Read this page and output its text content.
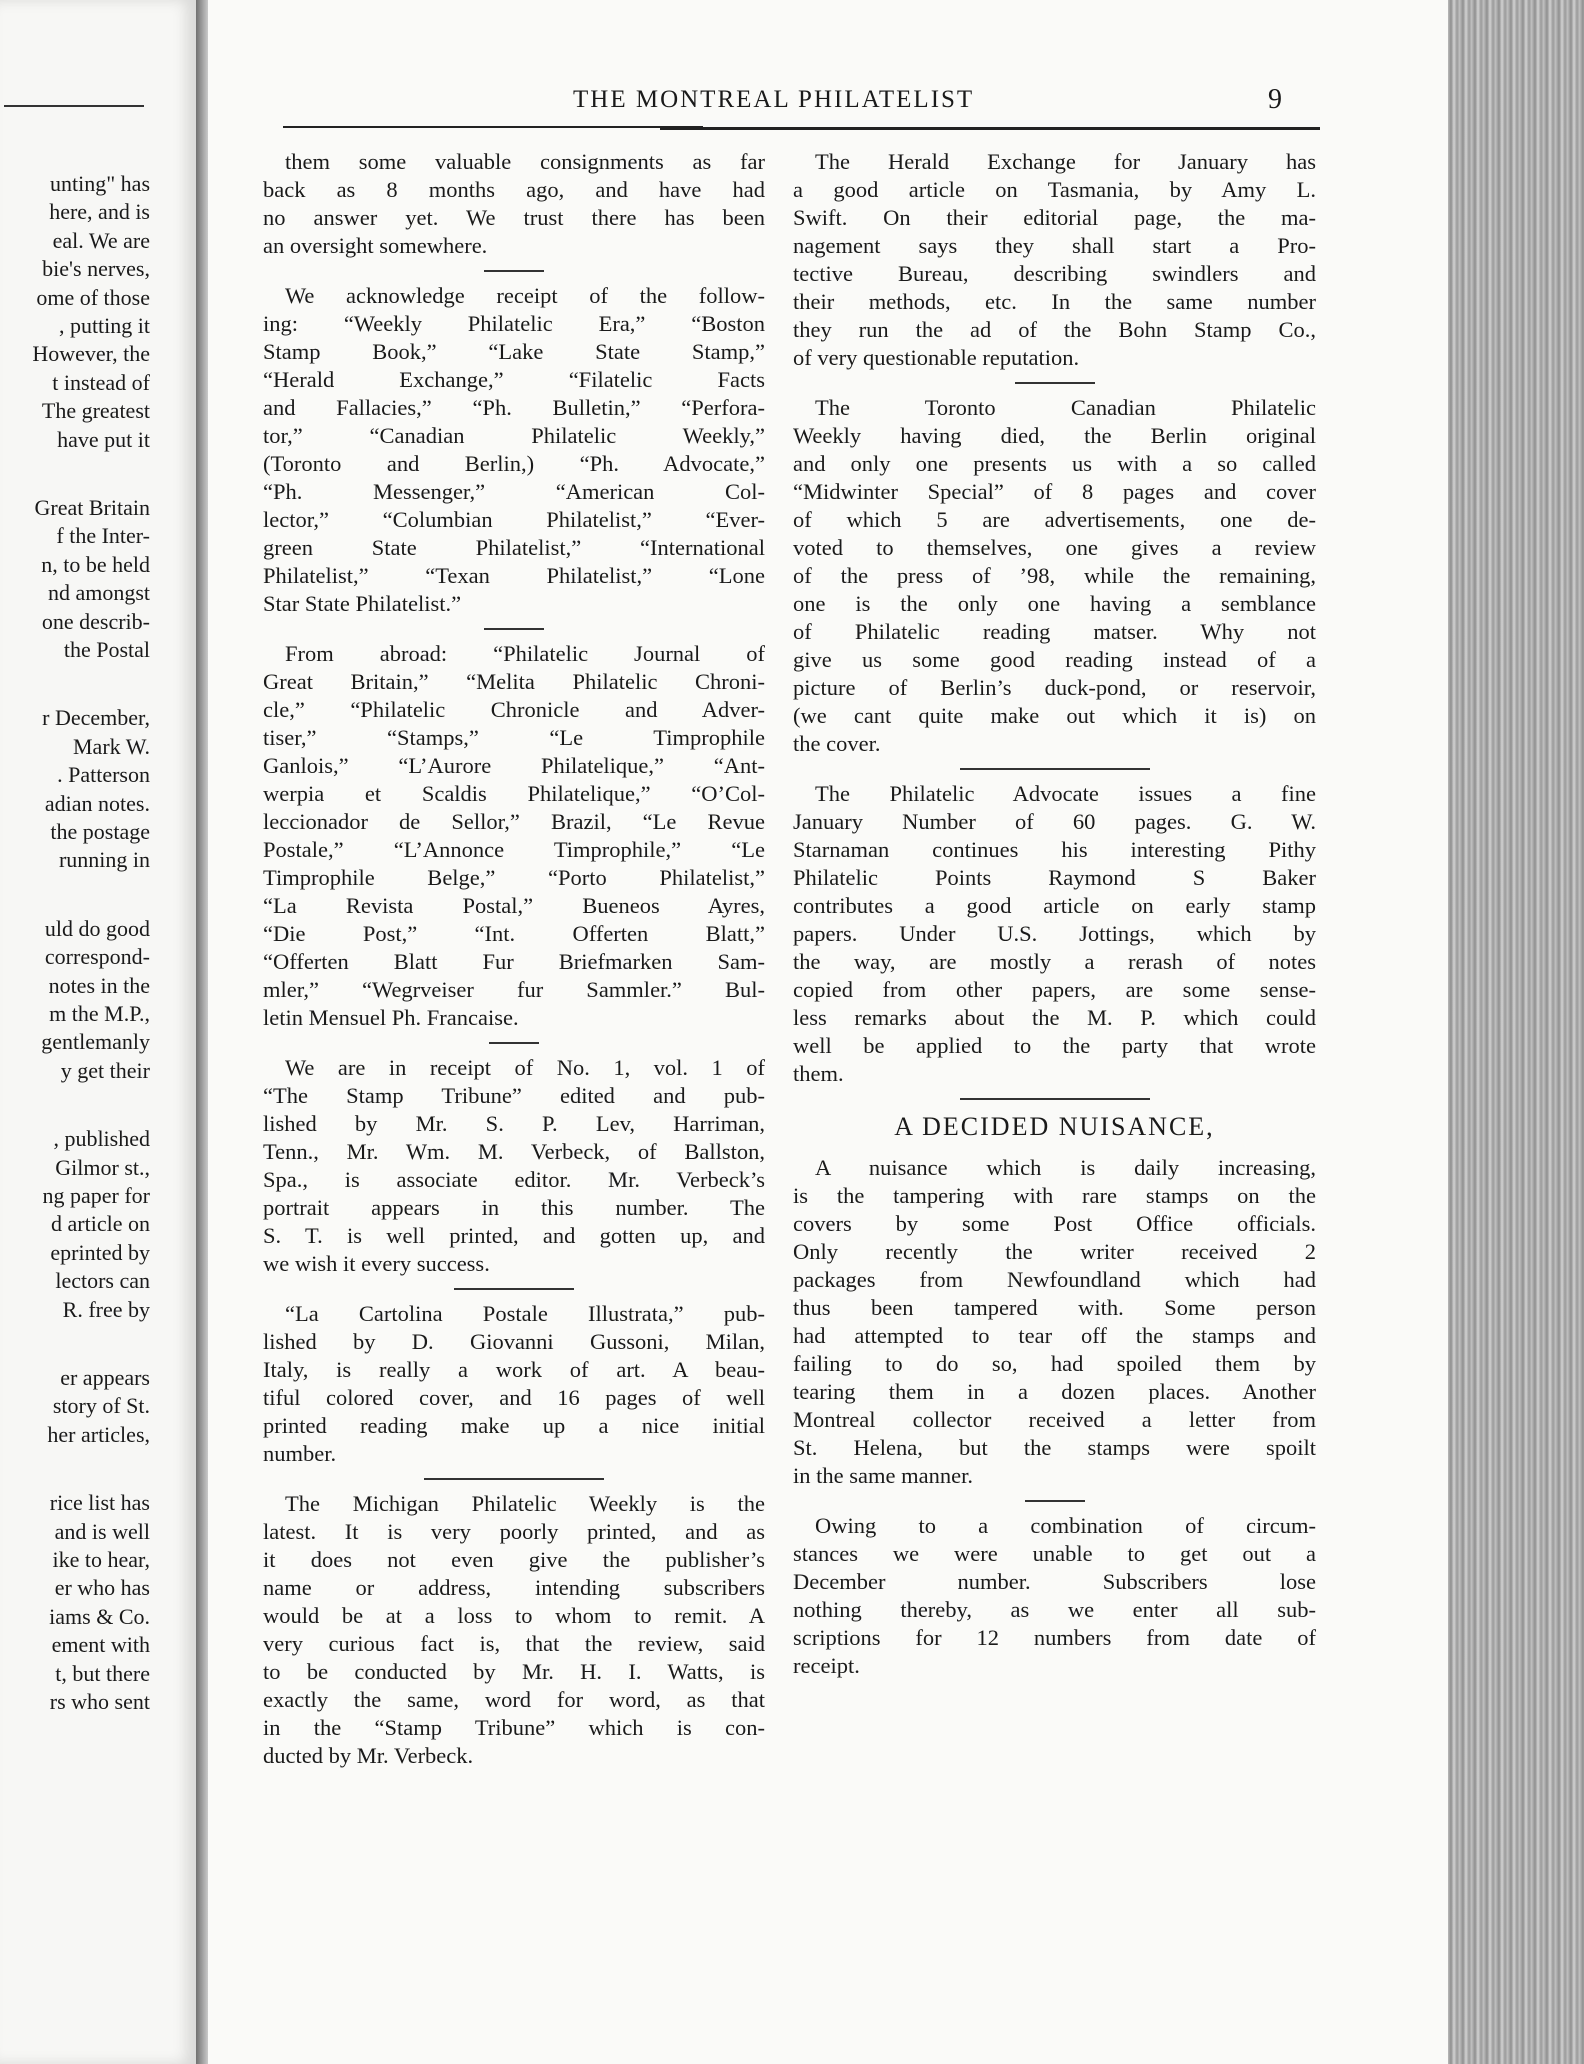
unting" has
here, and is
eal. We are
bie's nerves,
ome of those
, putting it
However, the
t instead of
The greatest
have put it
Great Britain
f the Inter-
n, to be held
nd amongst
one describ-
the Postal
r December,
Mark W.
. Patterson
adian notes.
the postage
running in
uld do good
correspond-
notes in the
m the M.P.,
gentlemanly
y get their
, published
Gilmor st.,
ng paper for
d article on
eprinted by
lectors can
R. free by
er appears
story of St.
her articles,
rice list has
and is well
ike to hear,
er who has
iams & Co.
ement with
t, but there
rs who sent
THE MONTREAL PHILATELIST	9
them some valuable consignments as far
back as 8 months ago, and have had
no answer yet. We trust there has been
an oversight somewhere.
We acknowledge receipt of the follow-
ing: “Weekly Philatelic Era,” “Boston
Stamp Book,” “Lake State Stamp,”
“Herald Exchange,” “Filatelic Facts
and Fallacies,” “Ph. Bulletin,” “Perfora-
tor,” “Canadian Philatelic Weekly,”
(Toronto and Berlin,) “Ph. Advocate,”
“Ph. Messenger,” “American Col-
lector,” “Columbian Philatelist,” “Ever-
green State Philatelist,” “International
Philatelist,” “Texan Philatelist,” “Lone
Star State Philatelist.”
From abroad: “Philatelic Journal of
Great Britain,” “Melita Philatelic Chroni-
cle,” “Philatelic Chronicle and Adver-
tiser,” “Stamps,” “Le Timprophile
Ganlois,” “L’Aurore Philatelique,” “Ant-
werpia et Scaldis Philatelique,” “O’Col-
leccionador de Sellor,” Brazil, “Le Revue
Postale,” “L’Annonce Timprophile,” “Le
Timprophile Belge,” “Porto Philatelist,”
“La Revista Postal,” Bueneos Ayres,
“Die Post,” “Int. Offerten Blatt,”
“Offerten Blatt Fur Briefmarken Sam-
mler,” “Wegrveiser fur Sammler.” Bul-
letin Mensuel Ph. Francaise.
We are in receipt of No. 1, vol. 1 of
“The Stamp Tribune” edited and pub-
lished by Mr. S. P. Lev, Harriman,
Tenn., Mr. Wm. M. Verbeck, of Ballston,
Spa., is associate editor. Mr. Verbeck’s
portrait appears in this number. The
S. T. is well printed, and gotten up, and
we wish it every success.
“La Cartolina Postale Illustrata,” pub-
lished by D. Giovanni Gussoni, Milan,
Italy, is really a work of art. A beau-
tiful colored cover, and 16 pages of well
printed reading make up a nice initial
number.
The Michigan Philatelic Weekly is the
latest. It is very poorly printed, and as
it does not even give the publisher’s
name or address, intending subscribers
would be at a loss to whom to remit. A
very curious fact is, that the review, said
to be conducted by Mr. H. I. Watts, is
exactly the same, word for word, as that
in the “Stamp Tribune” which is con-
ducted by Mr. Verbeck.
The Herald Exchange for January has
a good article on Tasmania, by Amy L.
Swift. On their editorial page, the ma-
nagement says they shall start a Pro-
tective Bureau, describing swindlers and
their methods, etc. In the same number
they run the ad of the Bohn Stamp Co.,
of very questionable reputation.
The Toronto Canadian Philatelic
Weekly having died, the Berlin original
and only one presents us with a so called
“Midwinter Special” of 8 pages and cover
of which 5 are advertisements, one de-
voted to themselves, one gives a review
of the press of ’98, while the remaining,
one is the only one having a semblance
of Philatelic reading matser. Why not
give us some good reading instead of a
picture of Berlin’s duck-pond, or reservoir,
(we cant quite make out which it is) on
the cover.
The Philatelic Advocate issues a fine
January Number of 60 pages. G. W.
Starnaman continues his interesting Pithy
Philatelic Points Raymond S Baker
contributes a good article on early stamp
papers. Under U.S. Jottings, which by
the way, are mostly a rerash of notes
copied from other papers, are some sense-
less remarks about the M. P. which could
well be applied to the party that wrote
them.
A DECIDED NUISANCE,
A nuisance which is daily increasing,
is the tampering with rare stamps on the
covers by some Post Office officials.
Only recently the writer received 2
packages from Newfoundland which had
thus been tampered with. Some person
had attempted to tear off the stamps and
failing to do so, had spoiled them by
tearing them in a dozen places. Another
Montreal collector received a letter from
St. Helena, but the stamps were spoilt
in the same manner.
Owing to a combination of circum-
stances we were unable to get out a
December number. Subscribers lose
nothing thereby, as we enter all sub-
scriptions for 12 numbers from date of
receipt.
